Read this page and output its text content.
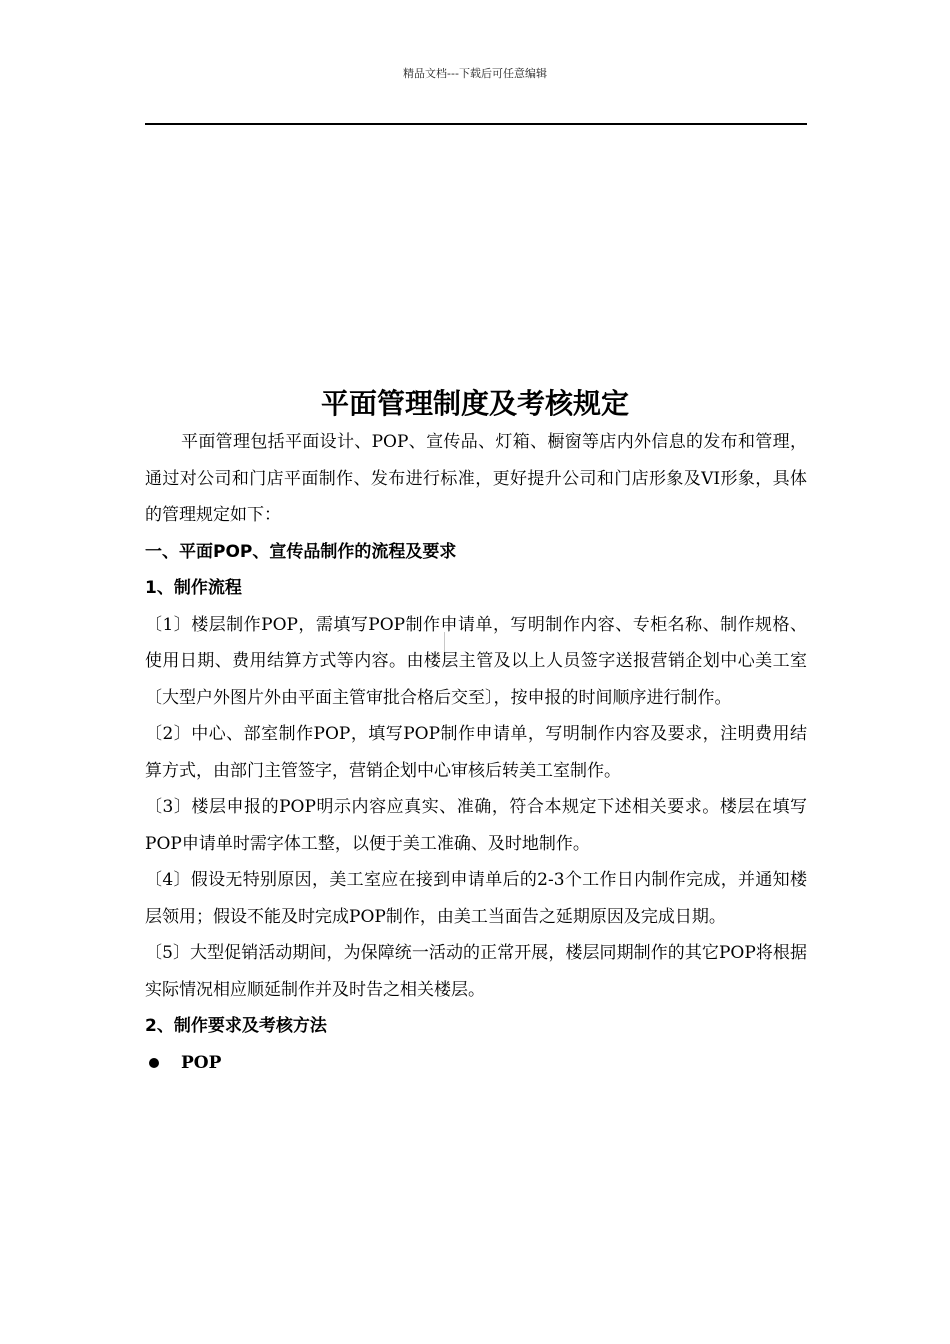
精品文档---下载后可任意编辑
平面管理制度及考核规定

平面管理包括平面设计、POP、宣传品、灯箱、橱窗等店内外信息的发布和管理，通过对公司和门店平面制作、发布进行标准，更好提升公司和门店形象及VI形象，具体的管理规定如下：

一、平面POP、宣传品制作的流程及要求

1、制作流程

〔1〕楼层制作POP，需填写POP制作申请单，写明制作内容、专柜名称、制作规格、使用日期、费用结算方式等内容。由楼层主管及以上人员签字送报营销企划中心美工室〔大型户外图片外由平面主管审批合格后交至〕，按申报的时间顺序进行制作。

〔2〕中心、部室制作POP，填写POP制作申请单，写明制作内容及要求，注明费用结算方式，由部门主管签字，营销企划中心审核后转美工室制作。

〔3〕楼层申报的POP明示内容应真实、准确，符合本规定下述相关要求。楼层在填写POP申请单时需字体工整，以便于美工准确、及时地制作。

〔4〕假设无特别原因，美工室应在接到申请单后的2-3个工作日内制作完成，并通知楼层领用；假设不能及时完成POP制作，由美工当面告之延期原因及完成日期。

〔5〕大型促销活动期间，为保障统一活动的正常开展，楼层同期制作的其它POP将根据实际情况相应顺延制作并及时告之相关楼层。

2、制作要求及考核方法

POP
